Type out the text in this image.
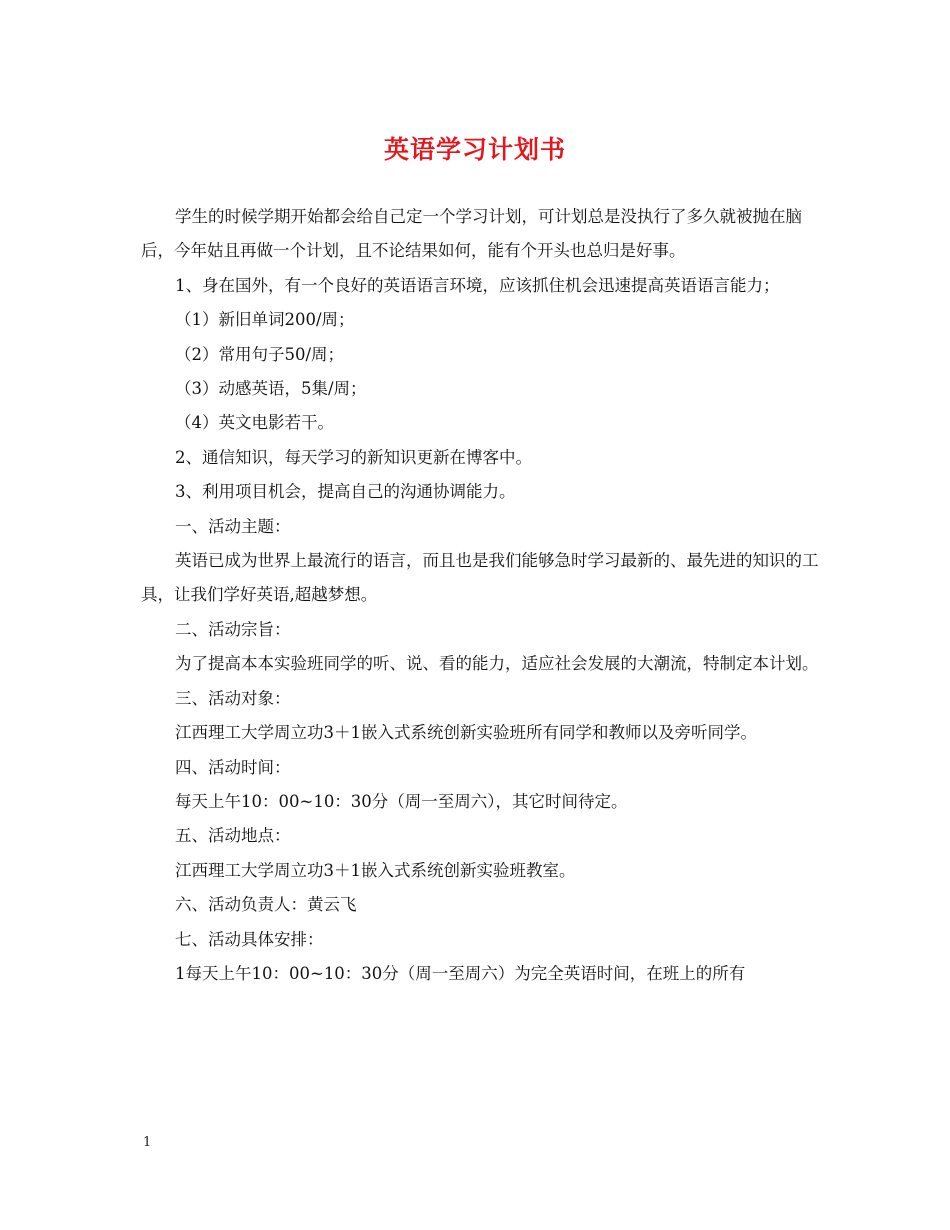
英语学习计划书

学生的时候学期开始都会给自己定一个学习计划，可计划总是没执行了多久就被抛在脑后，今年姑且再做一个计划，且不论结果如何，能有个开头也总归是好事。

1、身在国外，有一个良好的英语语言环境，应该抓住机会迅速提高英语语言能力；

（1）新旧单词200/周；

（2）常用句子50/周；

（3）动感英语，5集/周；

（4）英文电影若干。

2、通信知识，每天学习的新知识更新在博客中。

3、利用项目机会，提高自己的沟通协调能力。

一、活动主题：

英语已成为世界上最流行的语言，而且也是我们能够急时学习最新的、最先进的知识的工具，让我们学好英语,超越梦想。

二、活动宗旨：

为了提高本本实验班同学的听、说、看的能力，适应社会发展的大潮流，特制定本计划。

三、活动对象：

江西理工大学周立功3＋1嵌入式系统创新实验班所有同学和教师以及旁听同学。

四、活动时间：

每天上午10：00~10：30分（周一至周六），其它时间待定。

五、活动地点：

江西理工大学周立功3＋1嵌入式系统创新实验班教室。

六、活动负责人：黄云飞

七、活动具体安排：

1每天上午10：00~10：30分（周一至周六）为完全英语时间，在班上的所有

1
